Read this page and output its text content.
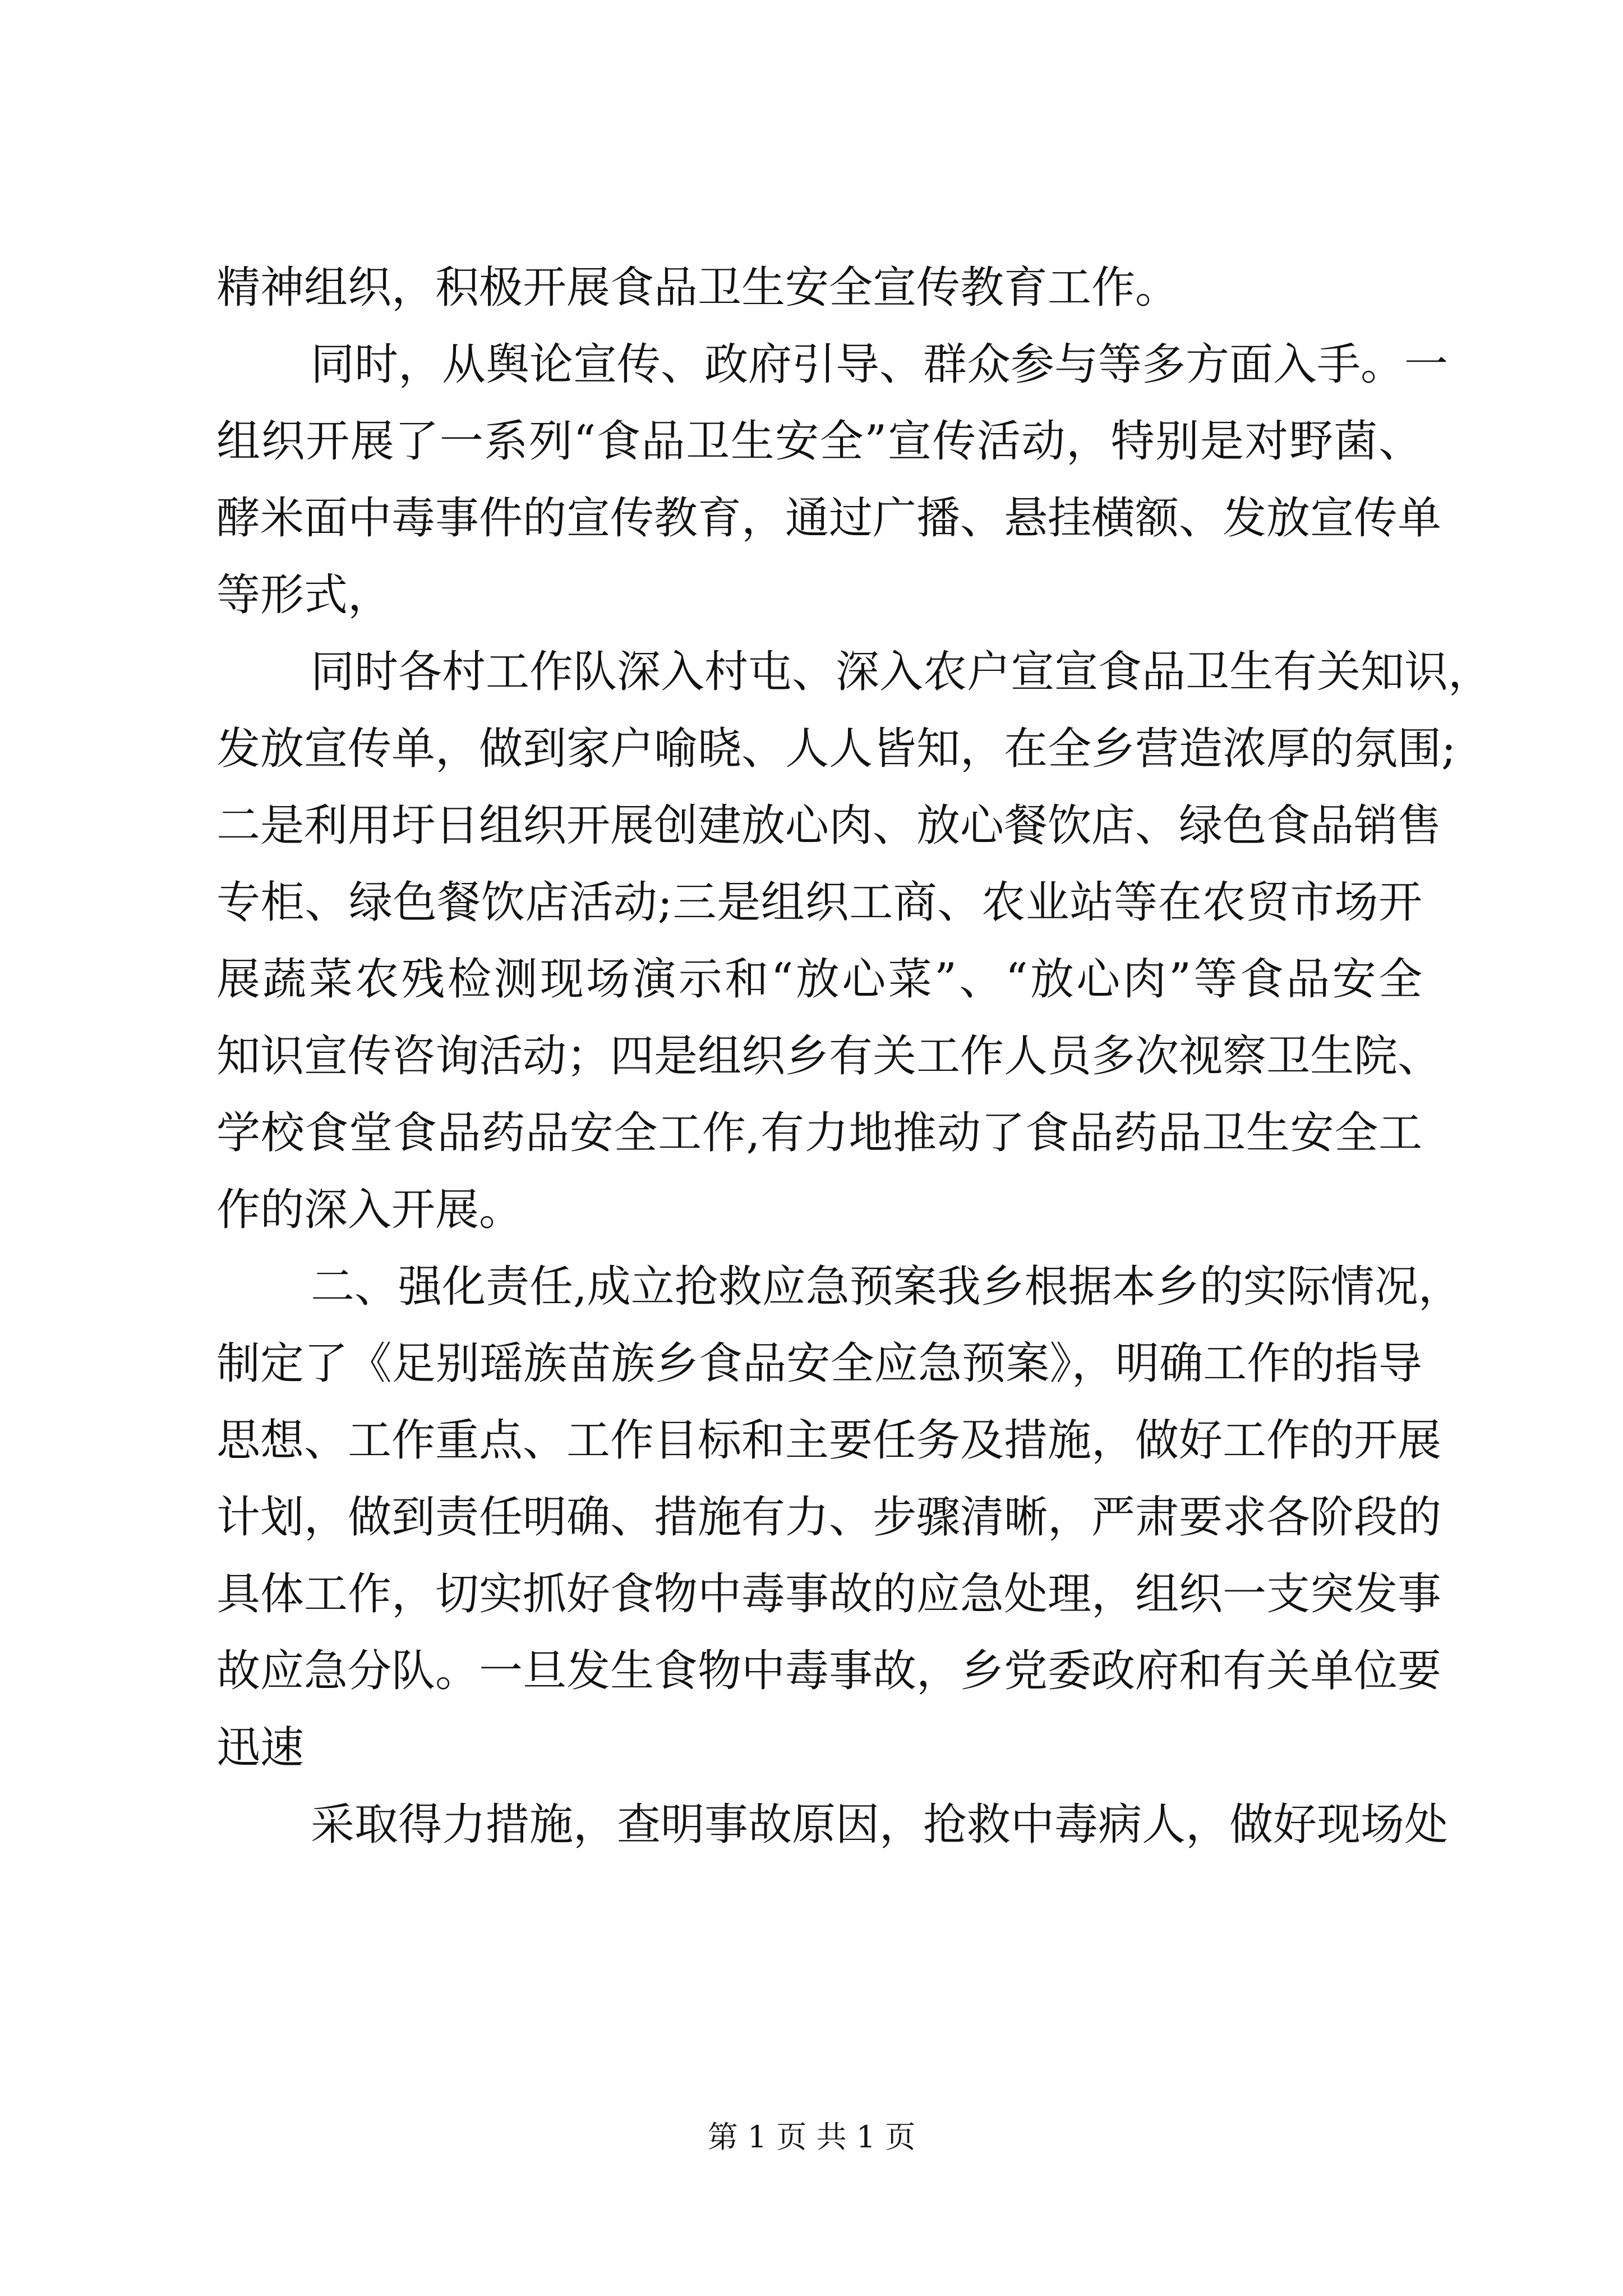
精神组织，积极开展食品卫生安全宣传教育工作。
同时，从舆论宣传、政府引导、群众参与等多方面入手。一
组织开展了一系列“食品卫生安全”宣传活动，特别是对野菌、
酵米面中毒事件的宣传教育，通过广播、悬挂横额、发放宣传单
等形式，
同时各村工作队深入村屯、深入农户宣宣食品卫生有关知识，
发放宣传单，做到家户喻晓、人人皆知，在全乡营造浓厚的氛围;
二是利用圩日组织开展创建放心肉、放心餐饮店、绿色食品销售
专柜、绿色餐饮店活动;三是组织工商、农业站等在农贸市场开
展蔬菜农残检测现场演示和“放心菜”、“放心肉”等食品安全
知识宣传咨询活动；四是组织乡有关工作人员多次视察卫生院、
学校食堂食品药品安全工作,有力地推动了食品药品卫生安全工
作的深入开展。
二、强化责任,成立抢救应急预案我乡根据本乡的实际情况，
制定了《足别瑶族苗族乡食品安全应急预案》，明确工作的指导
思想、工作重点、工作目标和主要任务及措施，做好工作的开展
计划，做到责任明确、措施有力、步骤清晰，严肃要求各阶段的
具体工作，切实抓好食物中毒事故的应急处理，组织一支突发事
故应急分队。一旦发生食物中毒事故，乡党委政府和有关单位要
迅速
采取得力措施，查明事故原因，抢救中毒病人，做好现场处
第 1 页 共 1 页
